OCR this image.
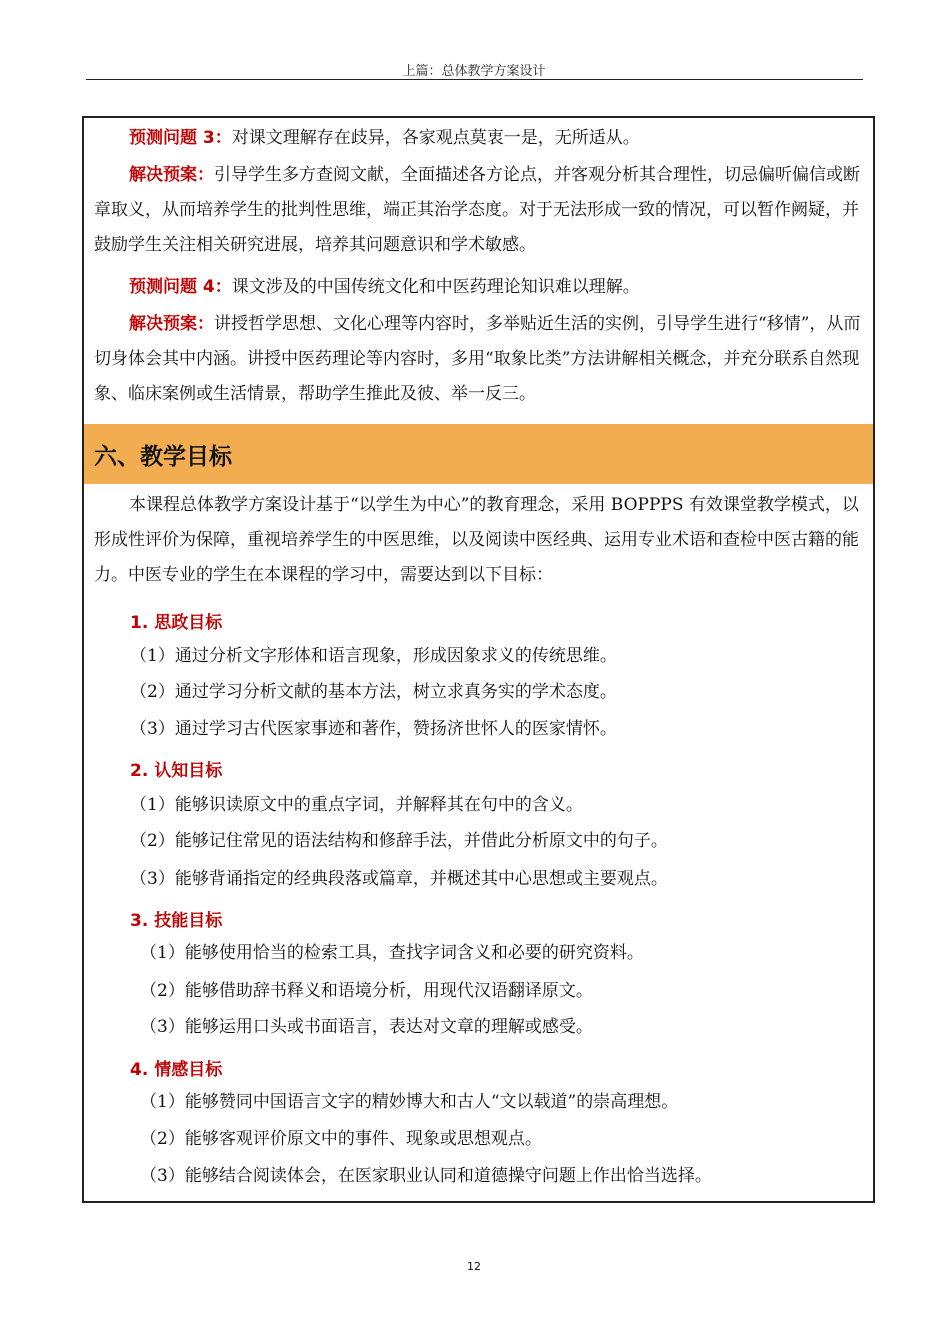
上篇：总体教学方案设计

预测问题 3：对课文理解存在歧异，各家观点莫衷一是，无所适从。

解决预案：引导学生多方查阅文献，全面描述各方论点，并客观分析其合理性，切忌偏听偏信或断章取义，从而培养学生的批判性思维，端正其治学态度。对于无法形成一致的情况，可以暂作阙疑，并鼓励学生关注相关研究进展，培养其问题意识和学术敏感。

预测问题 4：课文涉及的中国传统文化和中医药理论知识难以理解。

解决预案：讲授哲学思想、文化心理等内容时，多举贴近生活的实例，引导学生进行“移情”，从而切身体会其中内涵。讲授中医药理论等内容时，多用“取象比类”方法讲解相关概念，并充分联系自然现象、临床案例或生活情景，帮助学生推此及彼、举一反三。

六、教学目标

本课程总体教学方案设计基于“以学生为中心”的教育理念，采用 BOPPPS 有效课堂教学模式，以形成性评价为保障，重视培养学生的中医思维，以及阅读中医经典、运用专业术语和查检中医古籍的能力。中医专业的学生在本课程的学习中，需要达到以下目标：

1. 思政目标
（1）通过分析文字形体和语言现象，形成因象求义的传统思维。
（2）通过学习分析文献的基本方法，树立求真务实的学术态度。
（3）通过学习古代医家事迹和著作，赞扬济世怀人的医家情怀。
2. 认知目标
（1）能够识读原文中的重点字词，并解释其在句中的含义。
（2）能够记住常见的语法结构和修辞手法，并借此分析原文中的句子。
（3）能够背诵指定的经典段落或篇章，并概述其中心思想或主要观点。
3. 技能目标
（1）能够使用恰当的检索工具，查找字词含义和必要的研究资料。
（2）能够借助辞书释义和语境分析，用现代汉语翻译原文。
（3）能够运用口头或书面语言，表达对文章的理解或感受。
4. 情感目标
（1）能够赞同中国语言文字的精妙博大和古人“文以载道”的崇高理想。
（2）能够客观评价原文中的事件、现象或思想观点。
（3）能够结合阅读体会，在医家职业认同和道德操守问题上作出恰当选择。
12
